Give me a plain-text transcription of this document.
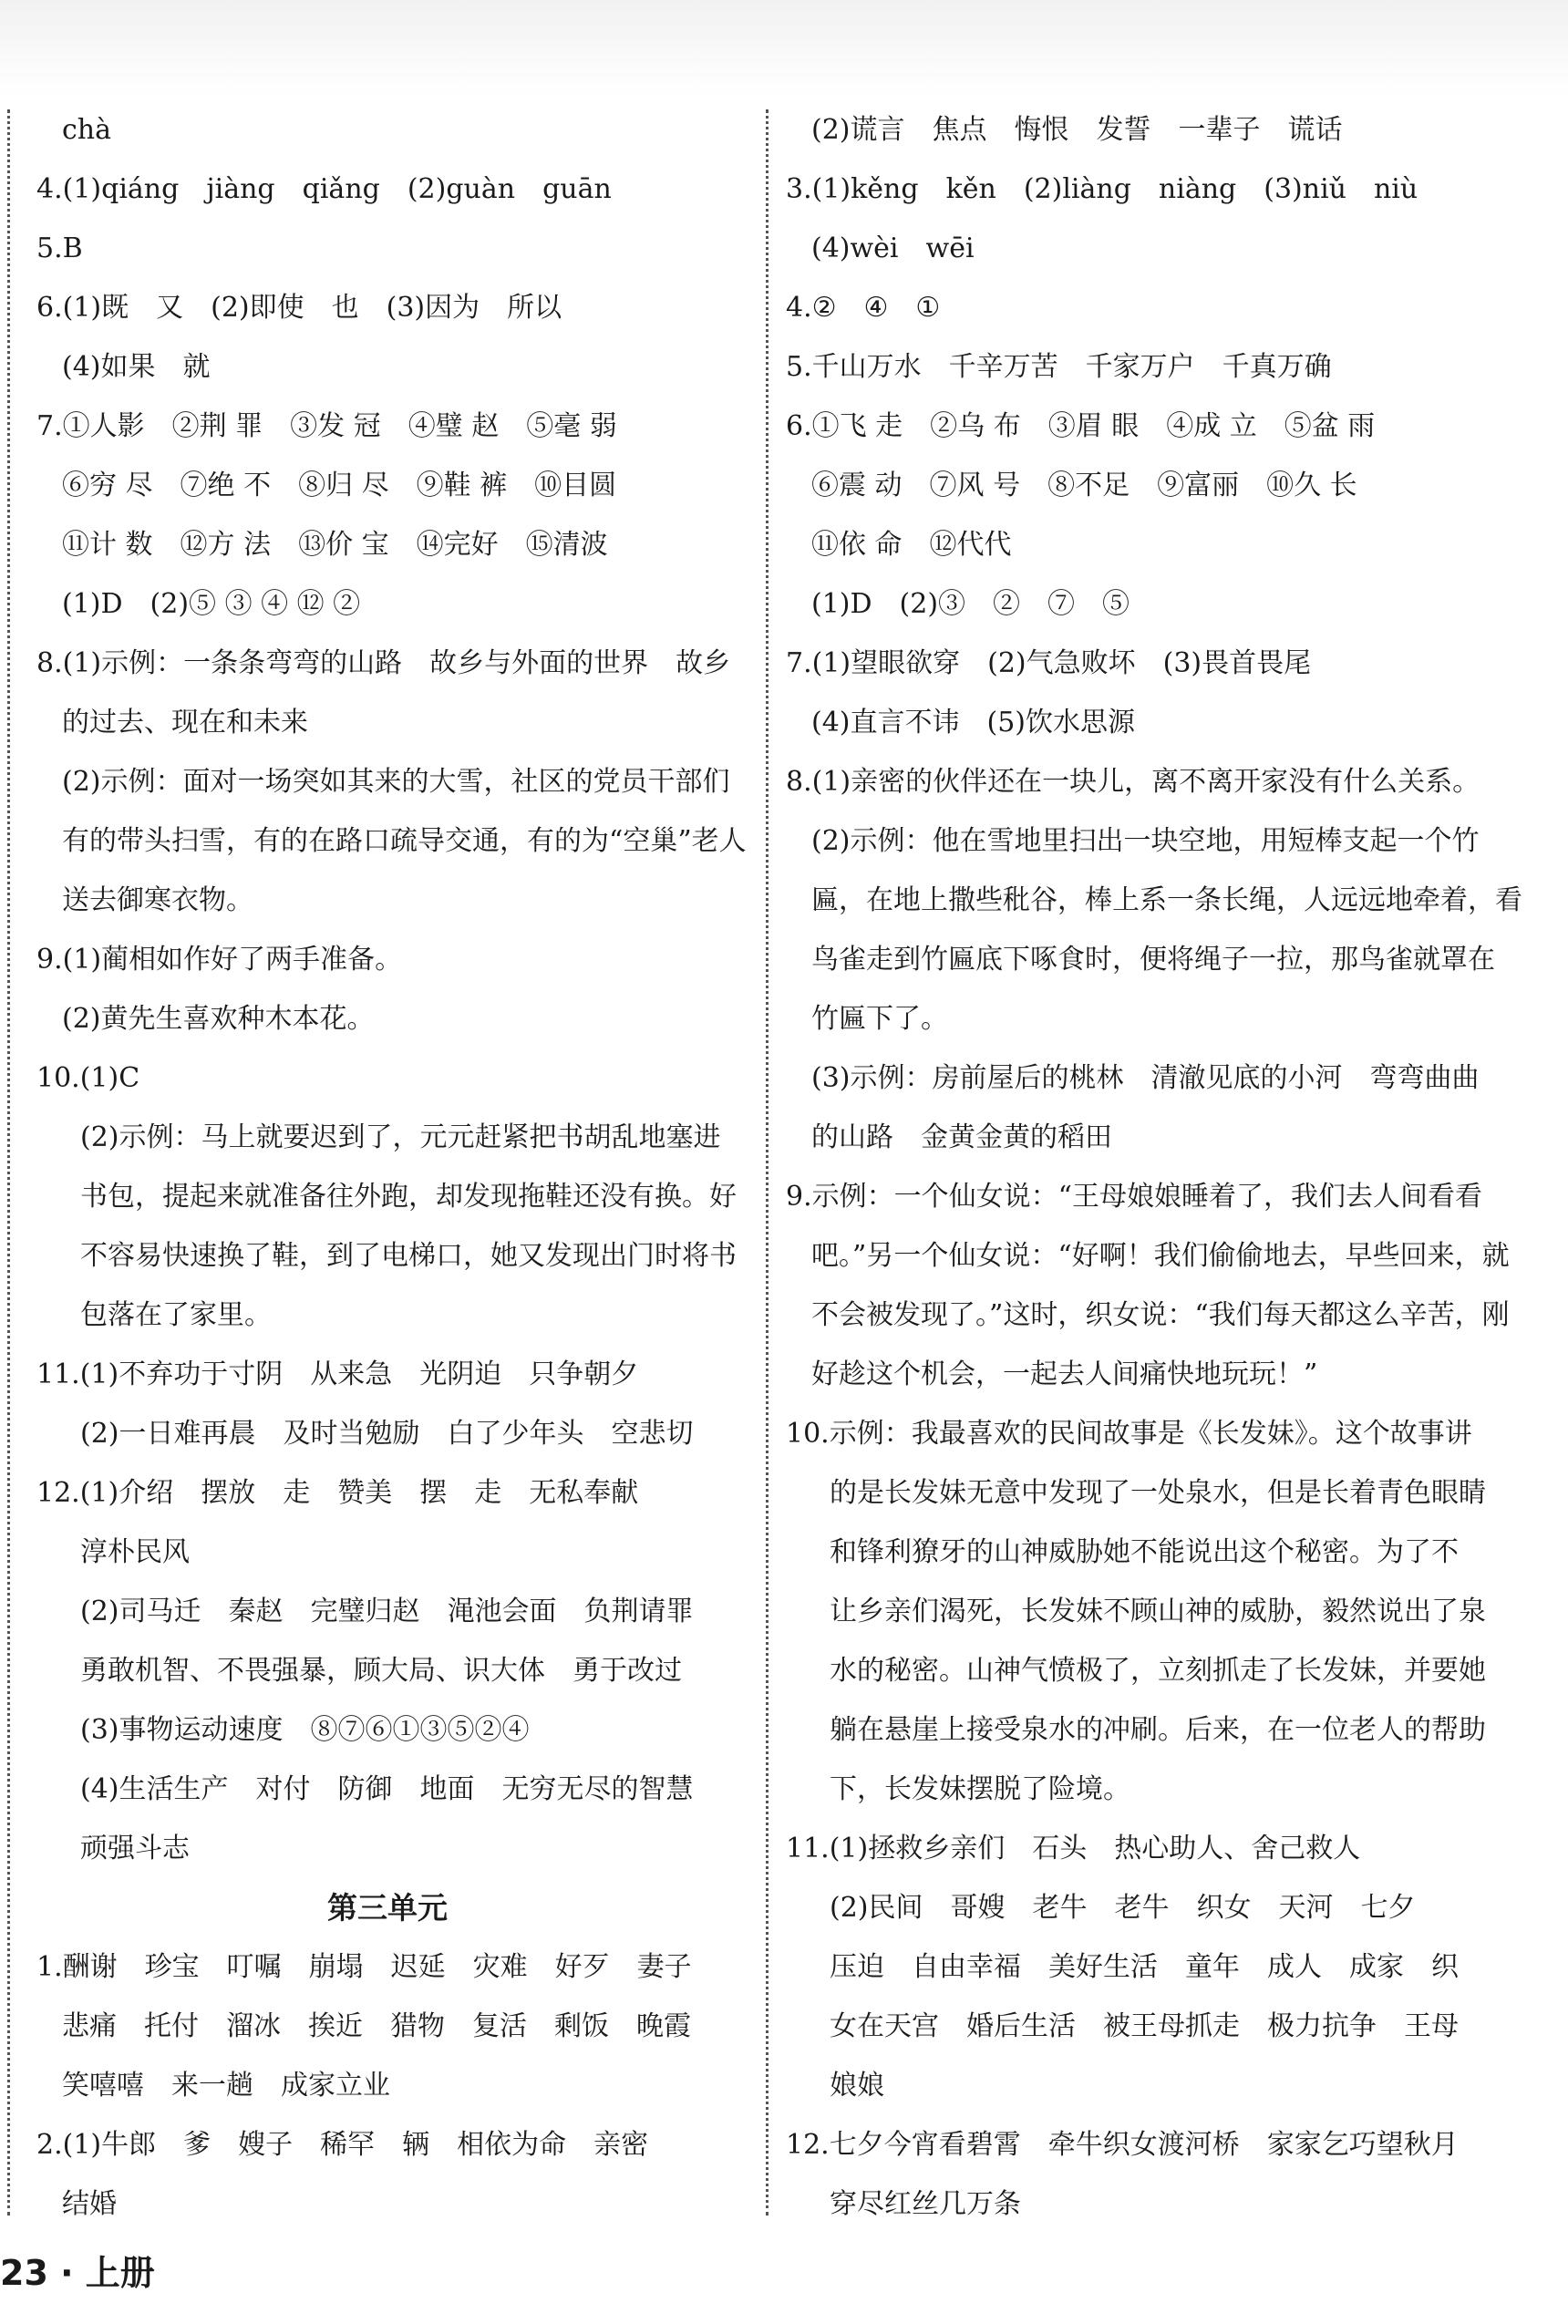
chà
4.(1)qiáng　jiàng　qiǎng　(2)guàn　guān
5.B
6.(1)既　又　(2)即使　也　(3)因为　所以
(4)如果　就
7.①人影　②荆 罪　③发 冠　④璧 赵　⑤毫 弱
⑥穷 尽　⑦绝 不　⑧归 尽　⑨鞋 裤　⑩目圆
⑪计 数　⑫方 法　⑬价 宝　⑭完好　⑮清波
(1)D　(2)⑤ ③ ④ ⑫ ②
8.(1)示例：一条条弯弯的山路　故乡与外面的世界　故乡
的过去、现在和未来
(2)示例：面对一场突如其来的大雪，社区的党员干部们
有的带头扫雪，有的在路口疏导交通，有的为“空巢”老人
送去御寒衣物。
9.(1)蔺相如作好了两手准备。
(2)黄先生喜欢种木本花。
10.(1)C
(2)示例：马上就要迟到了，元元赶紧把书胡乱地塞进
书包，提起来就准备往外跑，却发现拖鞋还没有换。好
不容易快速换了鞋，到了电梯口，她又发现出门时将书
包落在了家里。
11.(1)不弃功于寸阴　从来急　光阴迫　只争朝夕
(2)一日难再晨　及时当勉励　白了少年头　空悲切
12.(1)介绍　摆放　走　赞美　摆　走　无私奉献
淳朴民风
(2)司马迁　秦赵　完璧归赵　渑池会面　负荆请罪
勇敢机智、不畏强暴，顾大局、识大体　勇于改过
(3)事物运动速度　⑧⑦⑥①③⑤②④
(4)生活生产　对付　防御　地面　无穷无尽的智慧
顽强斗志
第三单元
1.酬谢　珍宝　叮嘱　崩塌　迟延　灾难　好歹　妻子
悲痛　托付　溜冰　挨近　猎物　复活　剩饭　晚霞
笑嘻嘻　来一趟　成家立业
2.(1)牛郎　爹　嫂子　稀罕　辆　相依为命　亲密
结婚
(2)谎言　焦点　悔恨　发誓　一辈子　谎话
3.(1)kěng　kěn　(2)liàng　niàng　(3)niǔ　niù
(4)wèi　wēi
4.②　④　①
5.千山万水　千辛万苦　千家万户　千真万确
6.①飞 走　②乌 布　③眉 眼　④成 立　⑤盆 雨
⑥震 动　⑦风 号　⑧不足　⑨富丽　⑩久 长
⑪依 命　⑫代代
(1)D　(2)③　②　⑦　⑤
7.(1)望眼欲穿　(2)气急败坏　(3)畏首畏尾
(4)直言不讳　(5)饮水思源
8.(1)亲密的伙伴还在一块儿，离不离开家没有什么关系。
(2)示例：他在雪地里扫出一块空地，用短棒支起一个竹
匾，在地上撒些秕谷，棒上系一条长绳，人远远地牵着，看
鸟雀走到竹匾底下啄食时，便将绳子一拉，那鸟雀就罩在
竹匾下了。
(3)示例：房前屋后的桃林　清澈见底的小河　弯弯曲曲
的山路　金黄金黄的稻田
9.示例：一个仙女说：“王母娘娘睡着了，我们去人间看看
吧。”另一个仙女说：“好啊！我们偷偷地去，早些回来，就
不会被发现了。”这时，织女说：“我们每天都这么辛苦，刚
好趁这个机会，一起去人间痛快地玩玩！”
10.示例：我最喜欢的民间故事是《长发妹》。这个故事讲
的是长发妹无意中发现了一处泉水，但是长着青色眼睛
和锋利獠牙的山神威胁她不能说出这个秘密。为了不
让乡亲们渴死，长发妹不顾山神的威胁，毅然说出了泉
水的秘密。山神气愤极了，立刻抓走了长发妹，并要她
躺在悬崖上接受泉水的冲刷。后来，在一位老人的帮助
下，长发妹摆脱了险境。
11.(1)拯救乡亲们　石头　热心助人、舍己救人
(2)民间　哥嫂　老牛　老牛　织女　天河　七夕
压迫　自由幸福　美好生活　童年　成人　成家　织
女在天宫　婚后生活　被王母抓走　极力抗争　王母
娘娘
12.七夕今宵看碧霄　牵牛织女渡河桥　家家乞巧望秋月
穿尽红丝几万条
23 · 上册
